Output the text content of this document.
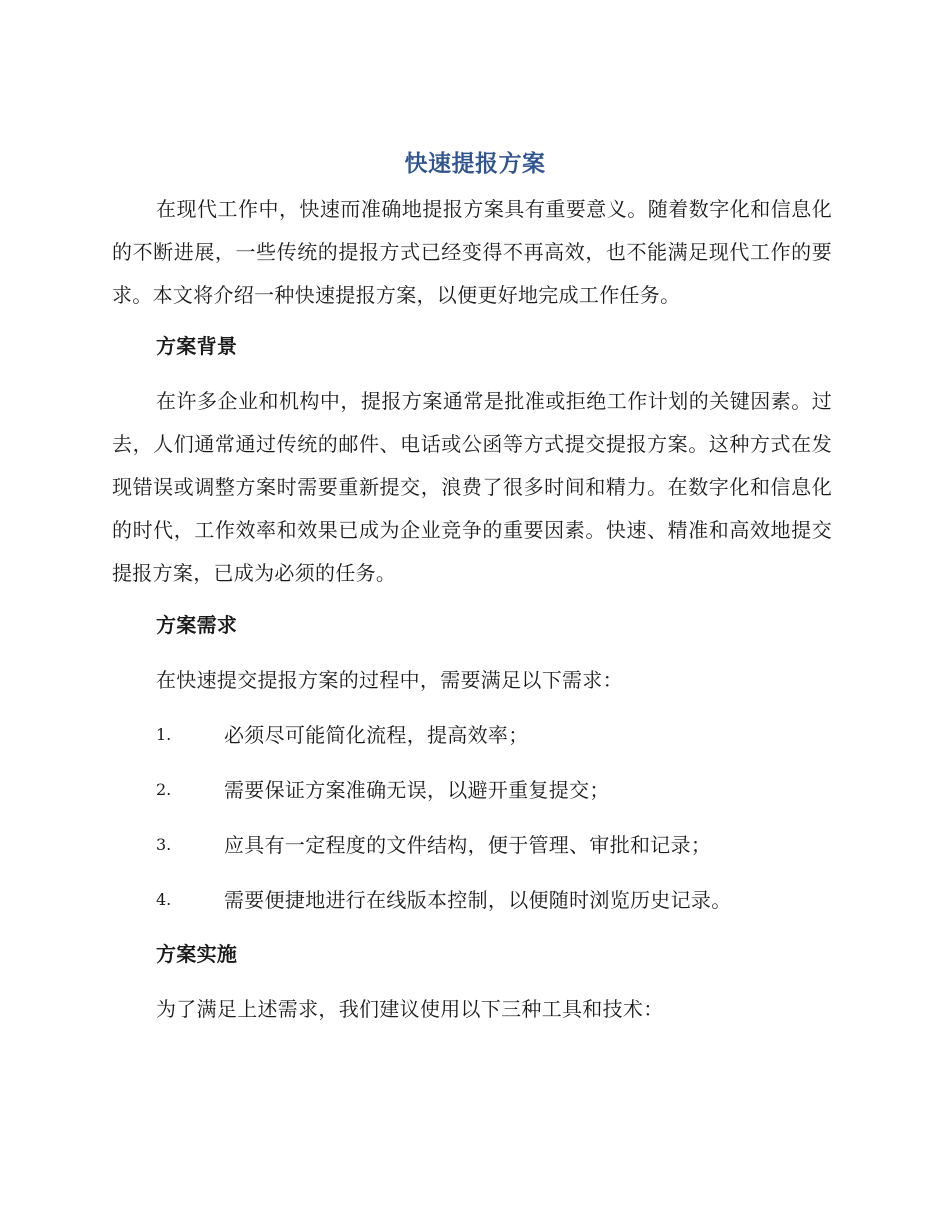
快速提报方案
在现代工作中，快速而准确地提报方案具有重要意义。随着数字化和信息化的不断进展，一些传统的提报方式已经变得不再高效，也不能满足现代工作的要求。本文将介绍一种快速提报方案，以便更好地完成工作任务。
方案背景
在许多企业和机构中，提报方案通常是批准或拒绝工作计划的关键因素。过去，人们通常通过传统的邮件、电话或公函等方式提交提报方案。这种方式在发现错误或调整方案时需要重新提交，浪费了很多时间和精力。在数字化和信息化的时代，工作效率和效果已成为企业竞争的重要因素。快速、精准和高效地提交提报方案，已成为必须的任务。
方案需求
在快速提交提报方案的过程中，需要满足以下需求：
1.	必须尽可能简化流程，提高效率；
2.	需要保证方案准确无误，以避开重复提交；
3.	应具有一定程度的文件结构，便于管理、审批和记录；
4.	需要便捷地进行在线版本控制，以便随时浏览历史记录。
方案实施
为了满足上述需求，我们建议使用以下三种工具和技术：
